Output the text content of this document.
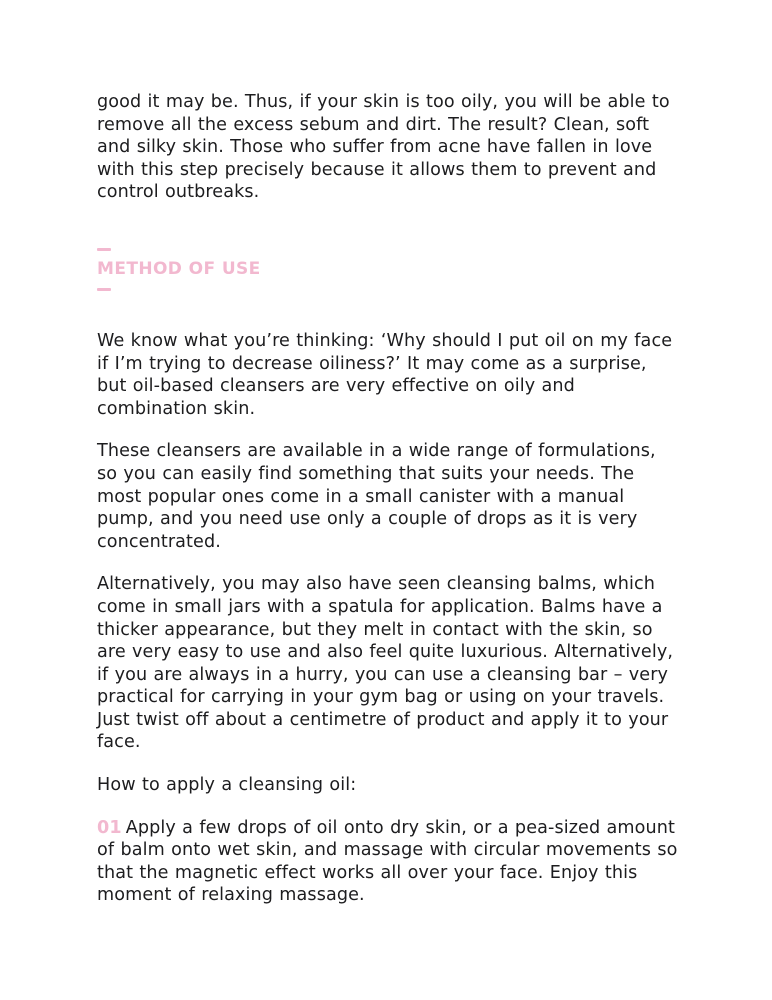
good it may be. Thus, if your skin is too oily, you will be able to remove all the excess sebum and dirt. The result? Clean, soft and silky skin. Those who suffer from acne have fallen in love with this step precisely because it allows them to prevent and control outbreaks.

METHOD OF USE

We know what you’re thinking: ‘Why should I put oil on my face if I’m trying to decrease oiliness?’ It may come as a surprise, but oil-based cleansers are very effective on oily and combination skin.

These cleansers are available in a wide range of formulations, so you can easily find something that suits your needs. The most popular ones come in a small canister with a manual pump, and you need use only a couple of drops as it is very concentrated.

Alternatively, you may also have seen cleansing balms, which come in small jars with a spatula for application. Balms have a thicker appearance, but they melt in contact with the skin, so are very easy to use and also feel quite luxurious. Alternatively, if you are always in a hurry, you can use a cleansing bar – very practical for carrying in your gym bag or using on your travels. Just twist off about a centimetre of product and apply it to your face.

How to apply a cleansing oil:

01 Apply a few drops of oil onto dry skin, or a pea-sized amount of balm onto wet skin, and massage with circular movements so that the magnetic effect works all over your face. Enjoy this moment of relaxing massage.
